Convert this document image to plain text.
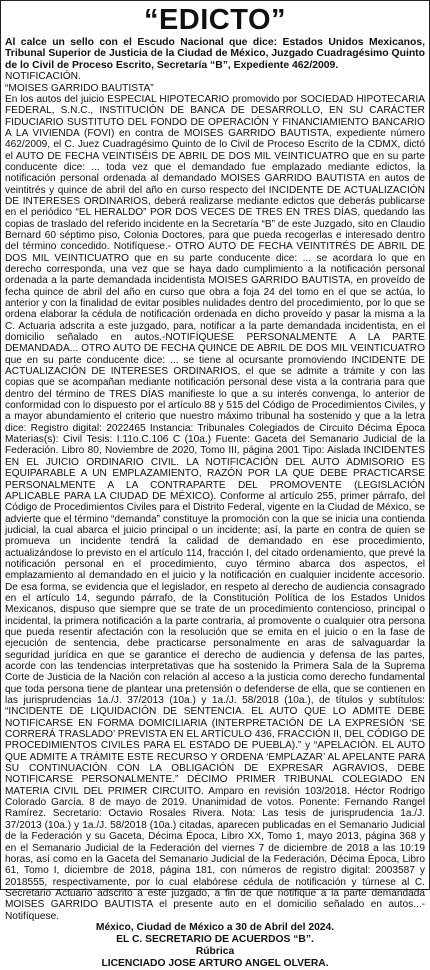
“EDICTO”

Al calce un sello con el Escudo Nacional que dice: Estados Unidos Mexicanos, Tribunal Superior de Justicia de la Ciudad de México, Juzgado Cuadragésimo Quinto de lo Civil de Proceso Escrito, Secretaría “B”, Expediente 462/2009.

NOTIFICACIÓN.

“MOISES GARRIDO BAUTISTA”

En los autos del juicio ESPECIAL HIPOTECARIO promovido por SOCIEDAD HIPOTECARIA FEDERAL, S.N.C., INSTITUCIÓN DE BANCA DE DESARROLLO, EN SU CARÁCTER FIDUCIARIO SUSTITUTO DEL FONDO DE OPERACIÓN Y FINANCIAMIENTO BANCARIO A LA VIVIENDA (FOVI) en contra de MOISES GARRIDO BAUTISTA, expediente número 462/2009, el C. Juez Cuadragésimo Quinto de lo Civil de Proceso Escrito de la CDMX, dictó el AUTO DE FECHA VEINTISÉIS DE ABRIL DE DOS MIL VEINTICUATRO que en su parte conducente dice: ... toda vez que el demandado fue emplazado mediante edictos, la notificación personal ordenada al demandado MOISES GARRIDO BAUTISTA en autos de veintitrés y quince de abril del año en curso respecto del INCIDENTE DE ACTUALIZACIÓN DE INTERESES ORDINARIOS, deberá realizarse mediante edictos que deberás publicarse en el periódico “EL HERALDO” POR DOS VECES DE TRES EN TRES DÍAS, quedando las copias de traslado del referido incidente en la Secretaría “B” de este Juzgado, sito en Claudio Bernard 60 séptimo piso, Colonia Doctores, para que pueda recogerlas e interesado dentro del término concedido. Notifíquese.- OTRO AUTO DE FECHA VEINTITRÉS DE ABRIL DE DOS MIL VEINTICUATRO que en su parte conducente dice: ... se acordara lo que en derecho corresponda, una vez que se haya dado cumplimiento a la notificación personal ordenada a la parte demandada incidentista MOISES GARRIDO BAUTISTA, en proveído de fecha quince de abril del año en curso que obra a foja 24 del tomo en el que se actúa, lo anterior y con la finalidad de evitar posibles nulidades dentro del procedimiento, por lo que se ordena elaborar la cédula de notificación ordenada en dicho proveído y pasar la misma a la C. Actuaria adscrita a este juzgado, para, notificar a la parte demandada incidentista, en el domicilio señalado en autos.-NOTIFÍQUESE PERSONALMENTE A LA PARTE DEMANDADA... OTRO AUTO DE FECHA QUINCE DE ABRIL DE DOS MIL VEINTICUATRO que en su parte conducente dice: ... se tiene al ocursante promoviendo INCIDENTE DE ACTUALIZACIÓN DE INTERESES ORDINARIOS, el que se admite a trámite y con las copias que se acompañan mediante notificación personal dese vista a la contraria para que dentro del término de TRES DÍAS manifieste lo que a su interés convenga, lo anterior de conformidad con lo dispuesto por el artículo 88 y 515 del Código de Procedimientos Civiles, y a mayor abundamiento el criterio que nuestro máximo tribunal ha sostenido y que a la letra dice: Registro digital: 2022465 Instancia: Tribunales Colegiados de Circuito Décima Época Materias(s): Civil Tesis: I.11o.C.106 C (10a.) Fuente: Gaceta del Semanario Judicial de la Federación. Libro 80, Noviembre de 2020, Tomo III, página 2001 Tipo: Aislada INCIDENTES EN EL JUICIO ORDINARIO CIVIL. LA NOTIFICACIÓN DEL AUTO ADMISORIO ES EQUIPARABLE A UN EMPLAZAMIENTO, RAZÓN POR LA QUE DEBE PRACTICARSE PERSONALMENTE A LA CONTRAPARTE DEL PROMOVENTE (LEGISLACIÓN APLICABLE PARA LA CIUDAD DE MÉXICO). Conforme al artículo 255, primer párrafo, del Código de Procedimientos Civiles para el Distrito Federal, vigente en la Ciudad de México, se advierte que el término “demanda” constituye la promoción con la que se inicia una contienda judicial, la cual abarca el juicio principal o un incidente; así, la parte en contra de quien se promueva un incidente tendrá la calidad de demandado en ese procedimiento, actualizándose lo previsto en el artículo 114, fracción I, del citado ordenamiento, que prevé la notificación personal en el procedimiento, cuyo término abarca dos aspectos, el emplazamiento al demandado en el juicio y la notificación en cualquier incidente accesorio. De esa forma, se evidencia que el legislador, en respeto al derecho de audiencia consagrado en el artículo 14, segundo párrafo, de la Constitución Política de los Estados Unidos Mexicanos, dispuso que siempre que se trate de un procedimiento contencioso, principal o incidental, la primera notificación a la parte contraria, al promovente o cualquier otra persona que pueda resentir afectación con la resolución que se emita en el juicio o en la fase de ejecución de sentencia, debe practicarse personalmente en aras de salvaguardar la seguridad jurídica en que se garantice el derecho de audiencia y defensa de las partes, acorde con las tendencias interpretativas que ha sostenido la Primera Sala de la Suprema Corte de Justicia de la Nación con relación al acceso a la justicia como derecho fundamental que toda persona tiene de plantear una pretensión o defenderse de ella, que se contienen en las jurisprudencias 1a./J. 37/2013 (10a.) y 1a./J. 58/2018 (10a.), de títulos y subtítulos: “INCIDENTE DE LIQUIDACIÓN DE SENTENCIA. EL AUTO QUE LO ADMITE DEBE NOTIFICARSE EN FORMA DOMICILIARIA (INTERPRETACIÓN DE LA EXPRESIÓN ‘SE CORRERÁ TRASLADO’ PREVISTA EN EL ARTÍCULO 436, FRACCIÓN II, DEL CÓDIGO DE PROCEDIMIENTOS CIVILES PARA EL ESTADO DE PUEBLA).” y “APELACIÓN. EL AUTO QUE ADMITE A TRÁMITE ESTE RECURSO Y ORDENA ‘EMPLAZAR’ AL APELANTE PARA SU CONTINUACIÓN CON LA OBLIGACIÓN DE EXPRESAR AGRAVIOS, DEBE NOTIFICARSE PERSONALMENTE.” DÉCIMO PRIMER TRIBUNAL COLEGIADO EN MATERIA CIVIL DEL PRIMER CIRCUITO. Amparo en revisión 103/2018. Héctor Rodrigo Colorado García. 8 de mayo de 2019. Unanimidad de votos. Ponente: Fernando Rangel Ramírez. Secretario: Octavio Rosales Rivera. Nota: Las tesis de jurisprudencia 1a./J. 37/2013 (10a.) y 1a./J. 58/2018 (10a.) citadas, aparecen publicadas en el Semanario Judicial de la Federación y su Gaceta, Décima Época, Libro XX, Tomo 1, mayo 2013, página 368 y en el Semanario Judicial de la Federación del viernes 7 de diciembre de 2018 a las 10:19 horas, así como en la Gaceta del Semanario Judicial de la Federación, Décima Época, Libro 61, Tomo I, diciembre de 2018, página 181, con números de registro digital: 2003587 y 2018555, respectivamente, por lo cual elabórese cédula de notificación y túrnese al C. Secretario Actuario adscrito a este juzgado, a fin de que notifique a la parte demandada MOISES GARRIDO BAUTISTA el presente auto en el domicilio señalado en autos...- Notifíquese.

México, Ciudad de México a 30 de Abril del 2024.

EL C. SECRETARIO DE ACUERDOS “B”.

Rúbrica

LICENCIADO JOSE ARTURO ANGEL OLVERA.
